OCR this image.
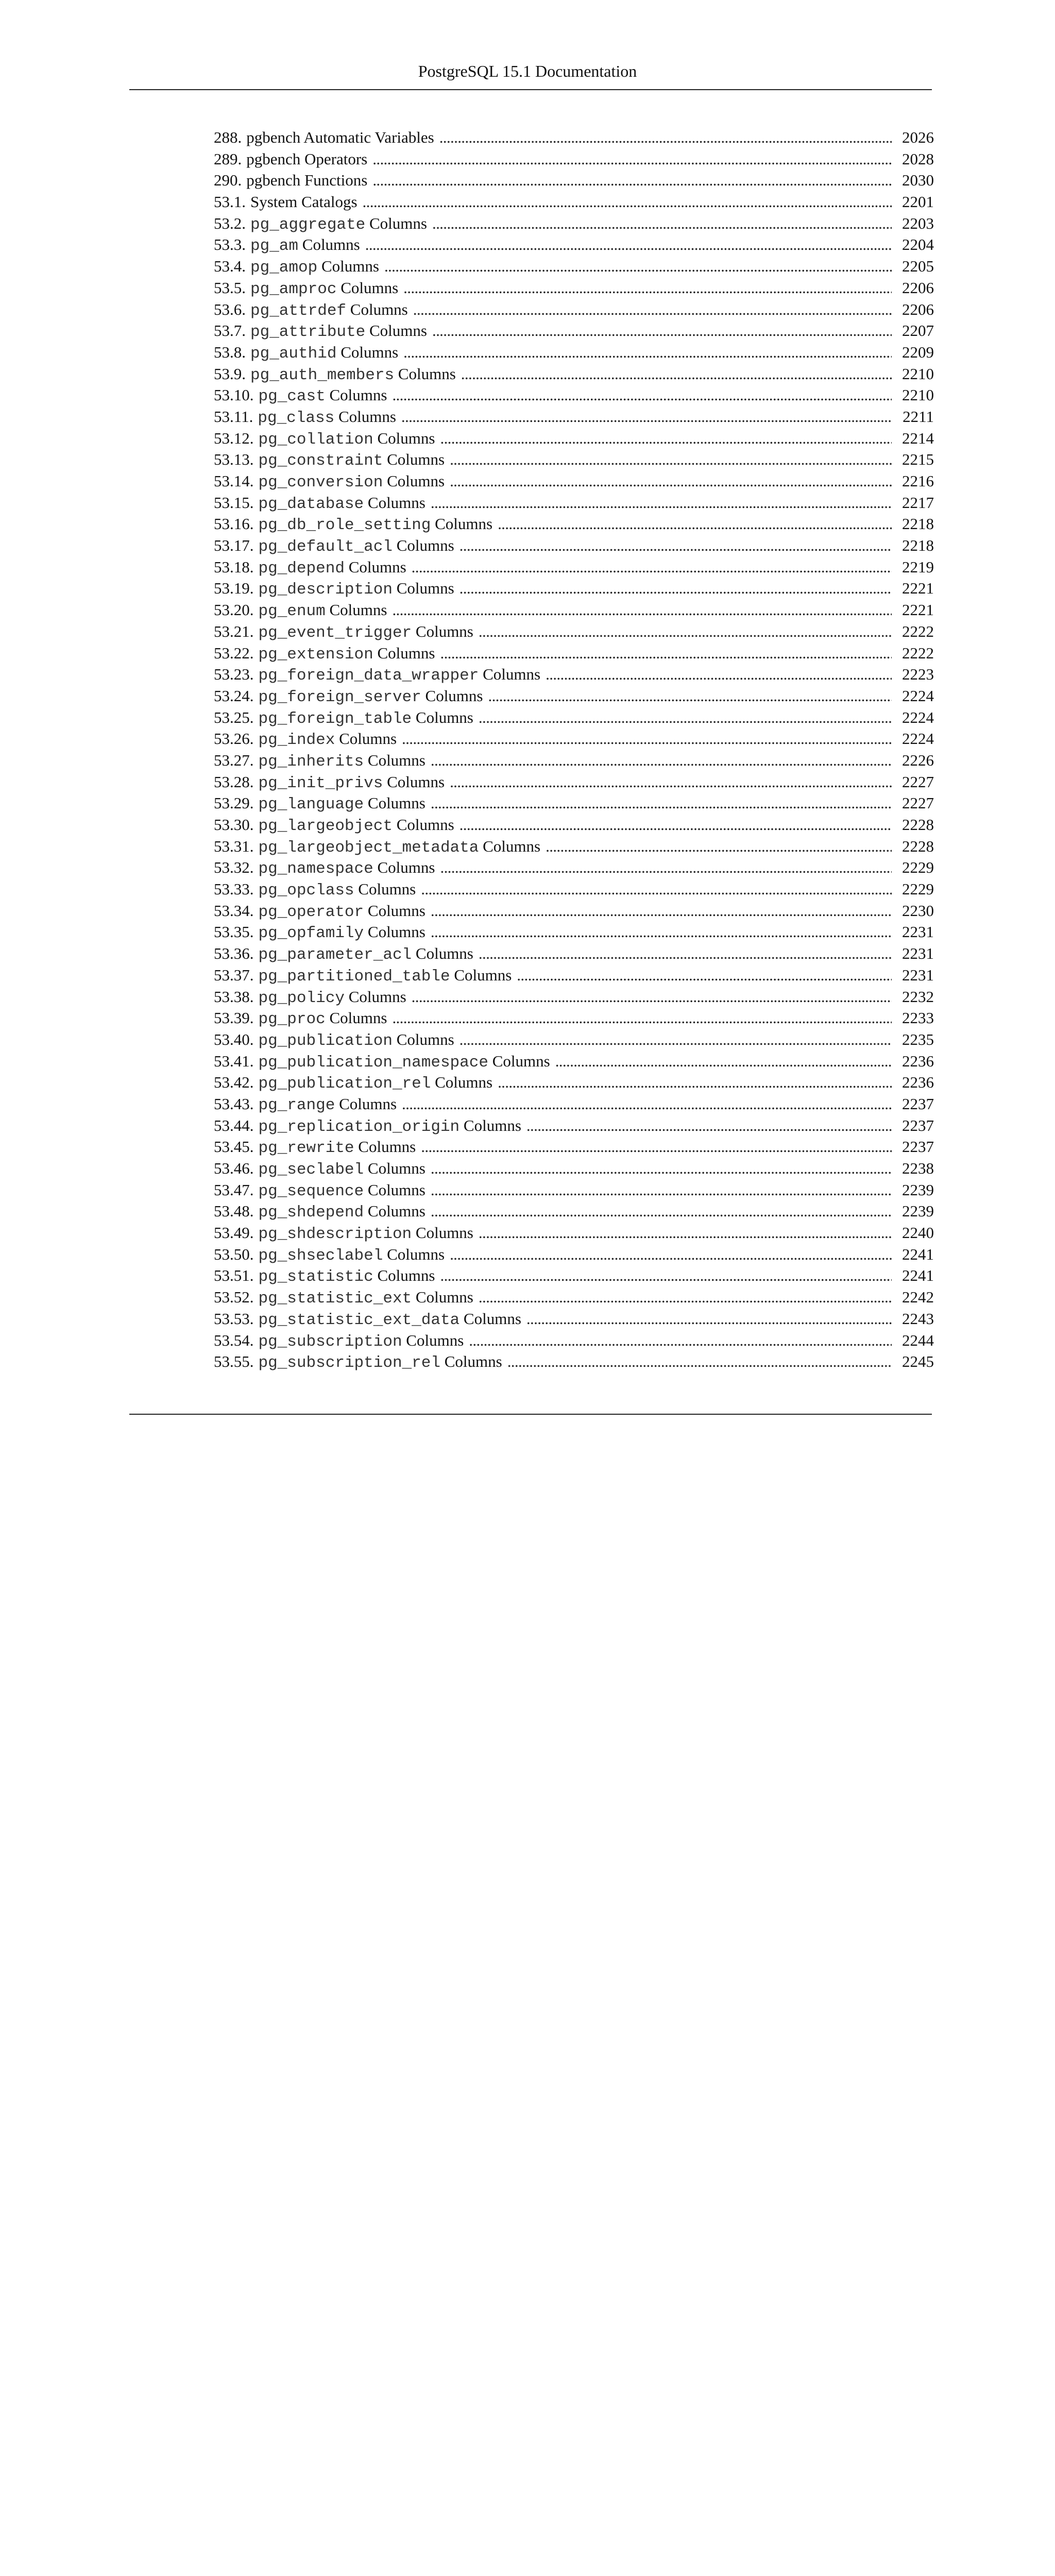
PostgreSQL 15.1 Documentation
288. pgbench Automatic Variables . . .	2026
289. pgbench Operators . . .	2028
290. pgbench Functions . . .	2030
53.1. System Catalogs . . .	2201
53.2. pg_aggregate Columns . . .	2203
53.3. pg_am Columns . . .	2204
53.4. pg_amop Columns . . .	2205
53.5. pg_amproc Columns . . .	2206
53.6. pg_attrdef Columns . . .	2206
53.7. pg_attribute Columns . . .	2207
53.8. pg_authid Columns . . .	2209
53.9. pg_auth_members Columns . . .	2210
53.10. pg_cast Columns . . .	2210
53.11. pg_class Columns . . .	2211
53.12. pg_collation Columns . . .	2214
53.13. pg_constraint Columns . . .	2215
53.14. pg_conversion Columns . . .	2216
53.15. pg_database Columns . . .	2217
53.16. pg_db_role_setting Columns . . .	2218
53.17. pg_default_acl Columns . . .	2218
53.18. pg_depend Columns . . .	2219
53.19. pg_description Columns . . .	2221
53.20. pg_enum Columns . . .	2221
53.21. pg_event_trigger Columns . . .	2222
53.22. pg_extension Columns . . .	2222
53.23. pg_foreign_data_wrapper Columns . . .	2223
53.24. pg_foreign_server Columns . . .	2224
53.25. pg_foreign_table Columns . . .	2224
53.26. pg_index Columns . . .	2224
53.27. pg_inherits Columns . . .	2226
53.28. pg_init_privs Columns . . .	2227
53.29. pg_language Columns . . .	2227
53.30. pg_largeobject Columns . . .	2228
53.31. pg_largeobject_metadata Columns . . .	2228
53.32. pg_namespace Columns . . .	2229
53.33. pg_opclass Columns . . .	2229
53.34. pg_operator Columns . . .	2230
53.35. pg_opfamily Columns . . .	2231
53.36. pg_parameter_acl Columns . . .	2231
53.37. pg_partitioned_table Columns . . .	2231
53.38. pg_policy Columns . . .	2232
53.39. pg_proc Columns . . .	2233
53.40. pg_publication Columns . . .	2235
53.41. pg_publication_namespace Columns . . .	2236
53.42. pg_publication_rel Columns . . .	2236
53.43. pg_range Columns . . .	2237
53.44. pg_replication_origin Columns . . .	2237
53.45. pg_rewrite Columns . . .	2237
53.46. pg_seclabel Columns . . .	2238
53.47. pg_sequence Columns . . .	2239
53.48. pg_shdepend Columns . . .	2239
53.49. pg_shdescription Columns . . .	2240
53.50. pg_shseclabel Columns . . .	2241
53.51. pg_statistic Columns . . .	2241
53.52. pg_statistic_ext Columns . . .	2242
53.53. pg_statistic_ext_data Columns . . .	2243
53.54. pg_subscription Columns . . .	2244
53.55. pg_subscription_rel Columns . . .	2245
